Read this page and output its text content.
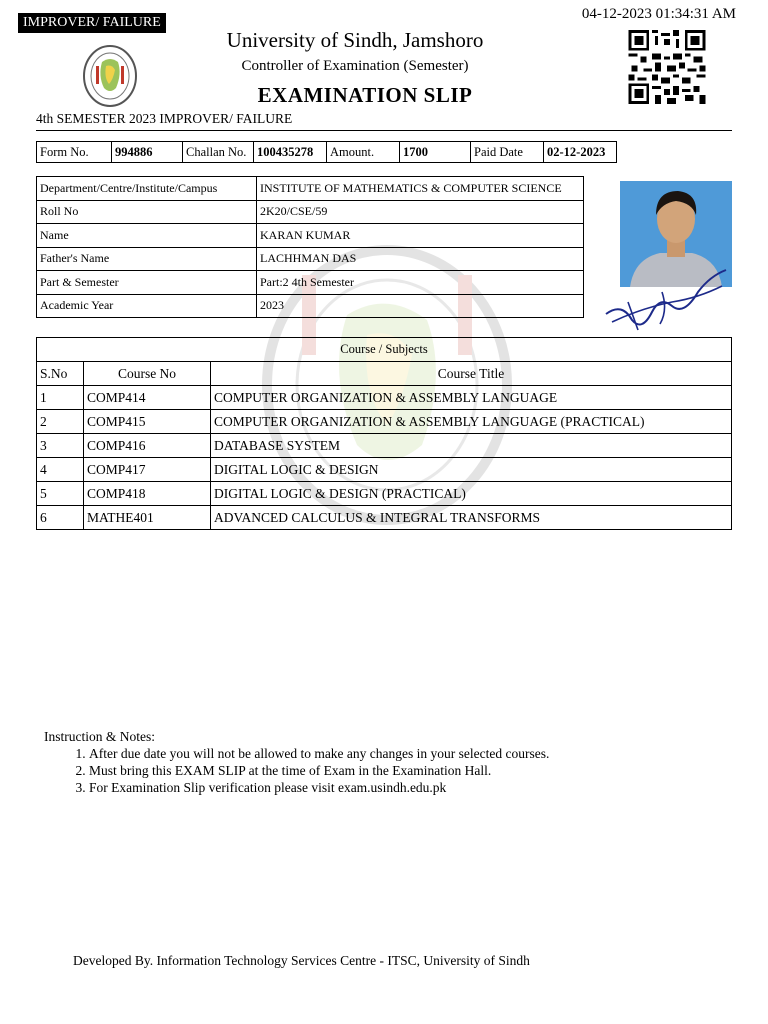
IMPROVER/ FAILURE
04-12-2023 01:34:31 AM
University of Sindh, Jamshoro
Controller of Examination (Semester)
EXAMINATION SLIP
4th SEMESTER 2023 IMPROVER/ FAILURE
Form No.	994886	Challan No.	100435278	Amount.	1700	Paid Date	02-12-2023
Department/Centre/Institute/Campus	INSTITUTE OF MATHEMATICS & COMPUTER SCIENCE
Roll No	2K20/CSE/59
Name	KARAN KUMAR
Father's Name	LACHHMAN DAS
Part & Semester	Part:2 4th Semester
Academic Year	2023
Course / Subjects		
S.No	Course No	Course Title
1	COMP414	COMPUTER ORGANIZATION & ASSEMBLY LANGUAGE
2	COMP415	COMPUTER ORGANIZATION & ASSEMBLY LANGUAGE (PRACTICAL)
3	COMP416	DATABASE SYSTEM
4	COMP417	DIGITAL LOGIC & DESIGN
5	COMP418	DIGITAL LOGIC & DESIGN (PRACTICAL)
6	MATHE401	ADVANCED CALCULUS & INTEGRAL TRANSFORMS
Instruction & Notes:
1. After due date you will not be allowed to make any changes in your selected courses.
2. Must bring this EXAM SLIP at the time of Exam in the Examination Hall.
3. For Examination Slip verification please visit exam.usindh.edu.pk
Developed By. Information Technology Services Centre - ITSC, University of Sindh
